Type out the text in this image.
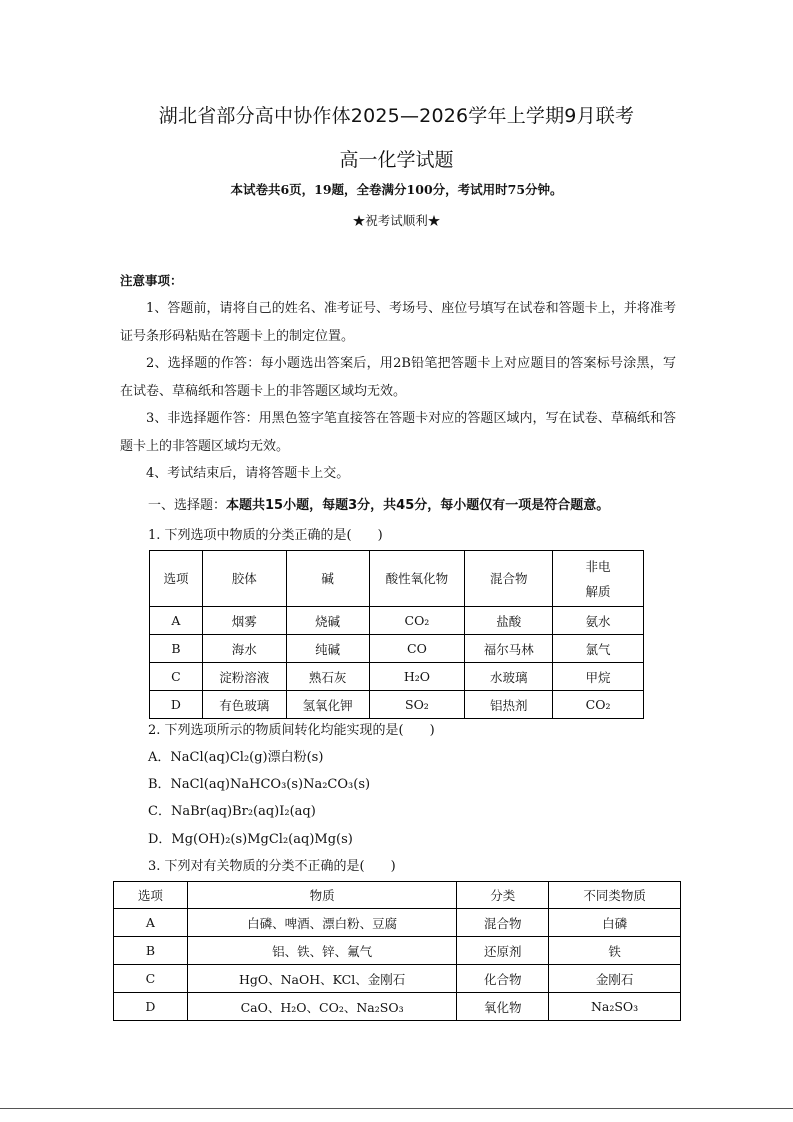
湖北省部分高中协作体2025—2026学年上学期9月联考
高一化学试题
本试卷共6页，19题，全卷满分100分，考试用时75分钟。
★祝考试顺利★
注意事项：
1、答题前，请将自己的姓名、准考证号、考场号、座位号填写在试卷和答题卡上，并将准考证号条形码粘贴在答题卡上的制定位置。
2、选择题的作答：每小题选出答案后，用2B铅笔把答题卡上对应题目的答案标号涂黑，写在试卷、草稿纸和答题卡上的非答题区域均无效。
3、非选择题作答：用黑色签字笔直接答在答题卡对应的答题区域内，写在试卷、草稿纸和答题卡上的非答题区域均无效。
4、考试结束后，请将答题卡上交。
一、选择题：本题共15小题，每题3分，共45分，每小题仅有一项是符合题意。
1. 下列选项中物质的分类正确的是(　　)
选项	胶体	碱	酸性氧化物	混合物	非电
解质
A	烟雾	烧碱	CO₂	盐酸	氨水
B	海水	纯碱	CO	福尔马林	氯气
C	淀粉溶液	熟石灰	H₂O	水玻璃	甲烷
D	有色玻璃	氢氧化钾	SO₂	铝热剂	CO₂
2. 下列选项所示的物质间转化均能实现的是(　　)
A．NaCl(aq)Cl₂(g)漂白粉(s)
B．NaCl(aq)NaHCO₃(s)Na₂CO₃(s)
C．NaBr(aq)Br₂(aq)I₂(aq)
D．Mg(OH)₂(s)MgCl₂(aq)Mg(s)
3. 下列对有关物质的分类不正确的是(　　)
选项	物质	分类	不同类物质
A	白磷、啤酒、漂白粉、豆腐	混合物	白磷
B	铝、铁、锌、氟气	还原剂	铁
C	HgO、NaOH、KCl、金刚石	化合物	金刚石
D	CaO、H₂O、CO₂、Na₂SO₃	氧化物	Na₂SO₃
